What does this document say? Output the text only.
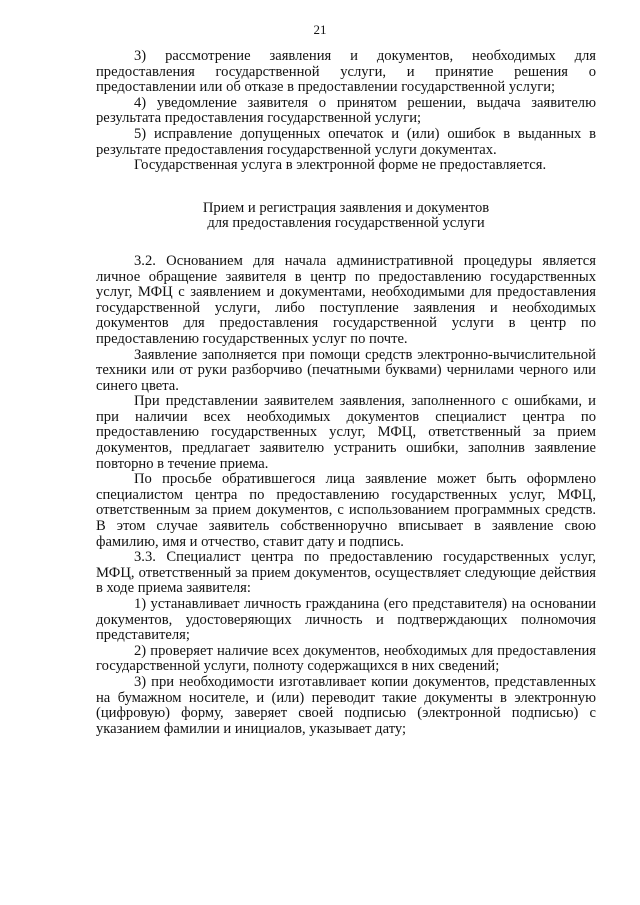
21

3) рассмотрение заявления и документов, необходимых для предоставления государственной услуги, и принятие решения о предоставлении или об отказе в предоставлении государственной услуги;

4) уведомление заявителя о принятом решении, выдача заявителю результата предоставления государственной услуги;

5) исправление допущенных опечаток и (или) ошибок в выданных в результате предоставления государственной услуги документах.

Государственная услуга в электронной форме не предоставляется.

Прием и регистрация заявления и документов
для предоставления государственной услуги

3.2. Основанием для начала административной процедуры является личное обращение заявителя в центр по предоставлению государственных услуг, МФЦ с заявлением и документами, необходимыми для предоставления государственной услуги, либо поступление заявления и необходимых документов для предоставления государственной услуги в центр по предоставлению государственных услуг по почте.

Заявление заполняется при помощи средств электронно-вычислительной техники или от руки разборчиво (печатными буквами) чернилами черного или синего цвета.

При представлении заявителем заявления, заполненного с ошибками, и при наличии всех необходимых документов специалист центра по предоставлению государственных услуг, МФЦ, ответственный за прием документов, предлагает заявителю устранить ошибки, заполнив заявление повторно в течение приема.

По просьбе обратившегося лица заявление может быть оформлено специалистом центра по предоставлению государственных услуг, МФЦ, ответственным за прием документов, с использованием программных средств. В этом случае заявитель собственноручно вписывает в заявление свою фамилию, имя и отчество, ставит дату и подпись.

3.3. Специалист центра по предоставлению государственных услуг, МФЦ, ответственный за прием документов, осуществляет следующие действия в ходе приема заявителя:

1) устанавливает личность гражданина (его представителя) на основании документов, удостоверяющих личность и подтверждающих полномочия представителя;

2) проверяет наличие всех документов, необходимых для предоставления государственной услуги, полноту содержащихся в них сведений;

3) при необходимости изготавливает копии документов, представленных на бумажном носителе, и (или) переводит такие документы в электронную (цифровую) форму, заверяет своей подписью (электронной подписью) с указанием фамилии и инициалов, указывает дату;
